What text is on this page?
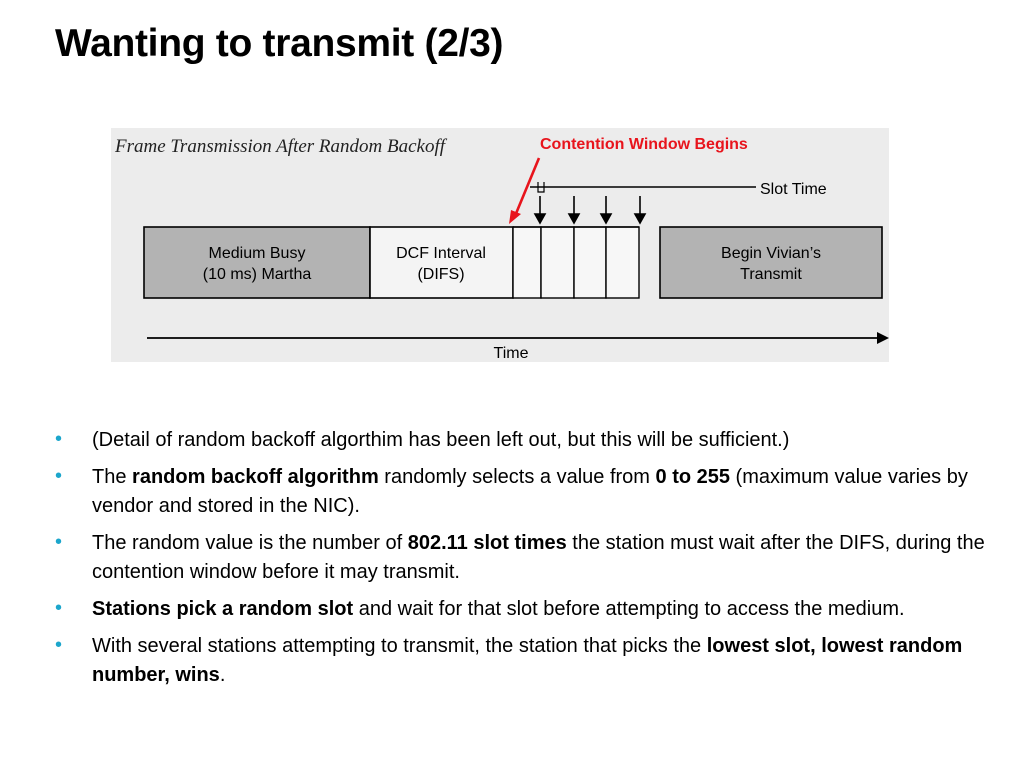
Wanting to transmit (2/3)
Frame Transmission After Random Backoff
Slot Time
Medium Busy
(10 ms) Martha
DCF Interval
(DIFS)
Begin Vivian’s
Transmit
Time
Contention Window Begins
• (Detail of random backoff algorthim has been left out, but this will be sufficient.)
• The random backoff algorithm randomly selects a value from 0 to 255 (maximum value varies by vendor and stored in the NIC).
• The random value is the number of 802.11 slot times the station must wait after the DIFS, during the contention window before it may transmit.
• Stations pick a random slot and wait for that slot before attempting to access the medium.
• With several stations attempting to transmit, the station that picks the lowest slot, lowest random number, wins.
